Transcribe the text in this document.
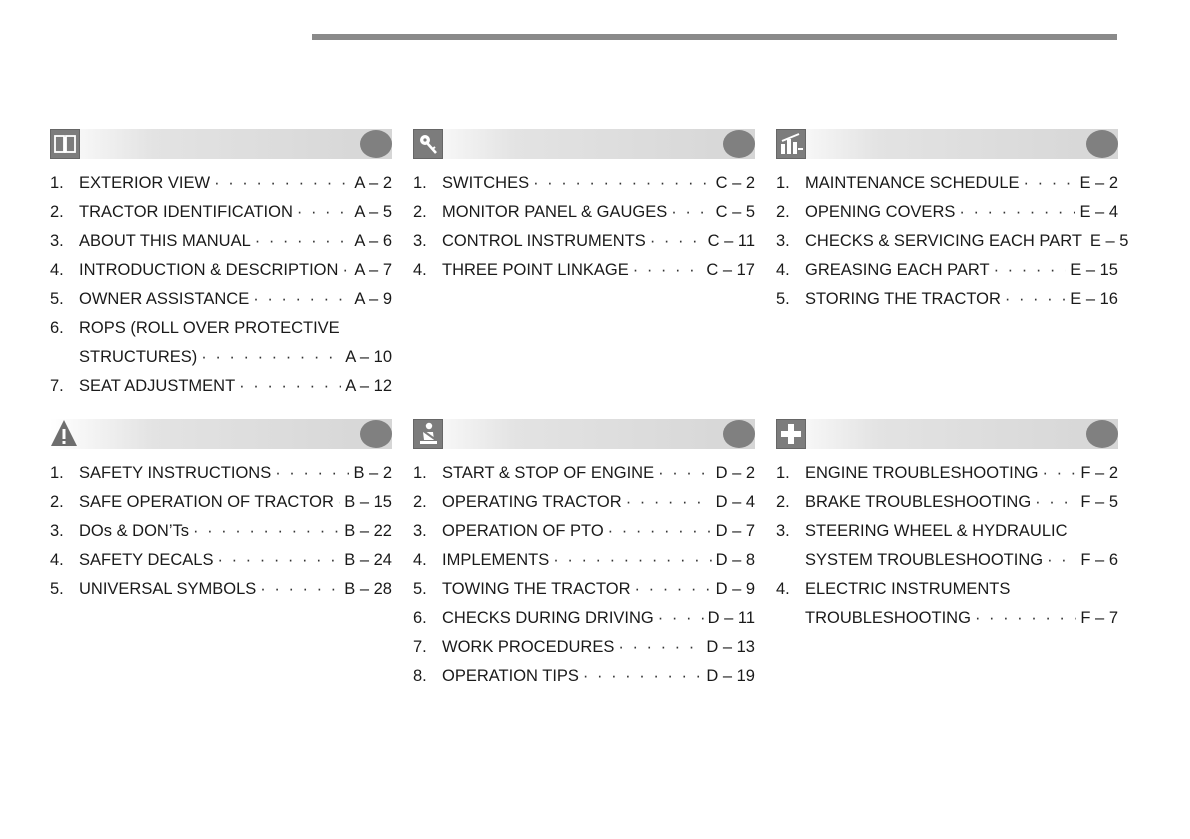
1. EXTERIOR VIEW · · ·	A – 2
2. TRACTOR IDENTIFICATION · · ·	A – 5
3. ABOUT THIS MANUAL · · ·	A – 6
4. INTRODUCTION & DESCRIPTION · · · A – 7
5. OWNER ASSISTANCE · · ·	A – 9
6. ROPS (ROLL OVER PROTECTIVE
STRUCTURES) · · ·	A – 10
7. SEAT ADJUSTMENT · · ·	A – 12
1. SWITCHES · · ·	C – 2
2. MONITOR PANEL & GAUGES · · ·	C – 5
3. CONTROL INSTRUMENTS · · ·	C – 11
4. THREE POINT LINKAGE · · ·	C – 17
1. MAINTENANCE SCHEDULE · · ·	E – 2
2. OPENING COVERS · · ·	E – 4
3. CHECKS & SERVICING EACH PART E – 5
4. GREASING EACH PART · · ·	E – 15
5. STORING THE TRACTOR · · ·	E – 16
1. SAFETY INSTRUCTIONS · · ·	B – 2
2. SAFE OPERATION OF TRACTOR · · · B – 15
3. DOs & DON’Ts · · ·	B – 22
4. SAFETY DECALS · · ·	B – 24
5. UNIVERSAL SYMBOLS · · ·	B – 28
1. START & STOP OF ENGINE · · ·	D – 2
2. OPERATING TRACTOR · · ·	D – 4
3. OPERATION OF PTO · · ·	D – 7
4. IMPLEMENTS · · ·	D – 8
5. TOWING THE TRACTOR · · ·	D – 9
6. CHECKS DURING DRIVING · · ·	D – 11
7. WORK PROCEDURES · · ·	D – 13
8. OPERATION TIPS · · ·	D – 19
1. ENGINE TROUBLESHOOTING · · ·	F – 2
2. BRAKE TROUBLESHOOTING · · ·	F – 5
3. STEERING WHEEL & HYDRAULIC
SYSTEM TROUBLESHOOTING · · · F – 6
4. ELECTRIC INSTRUMENTS
TROUBLESHOOTING · · ·	F – 7
